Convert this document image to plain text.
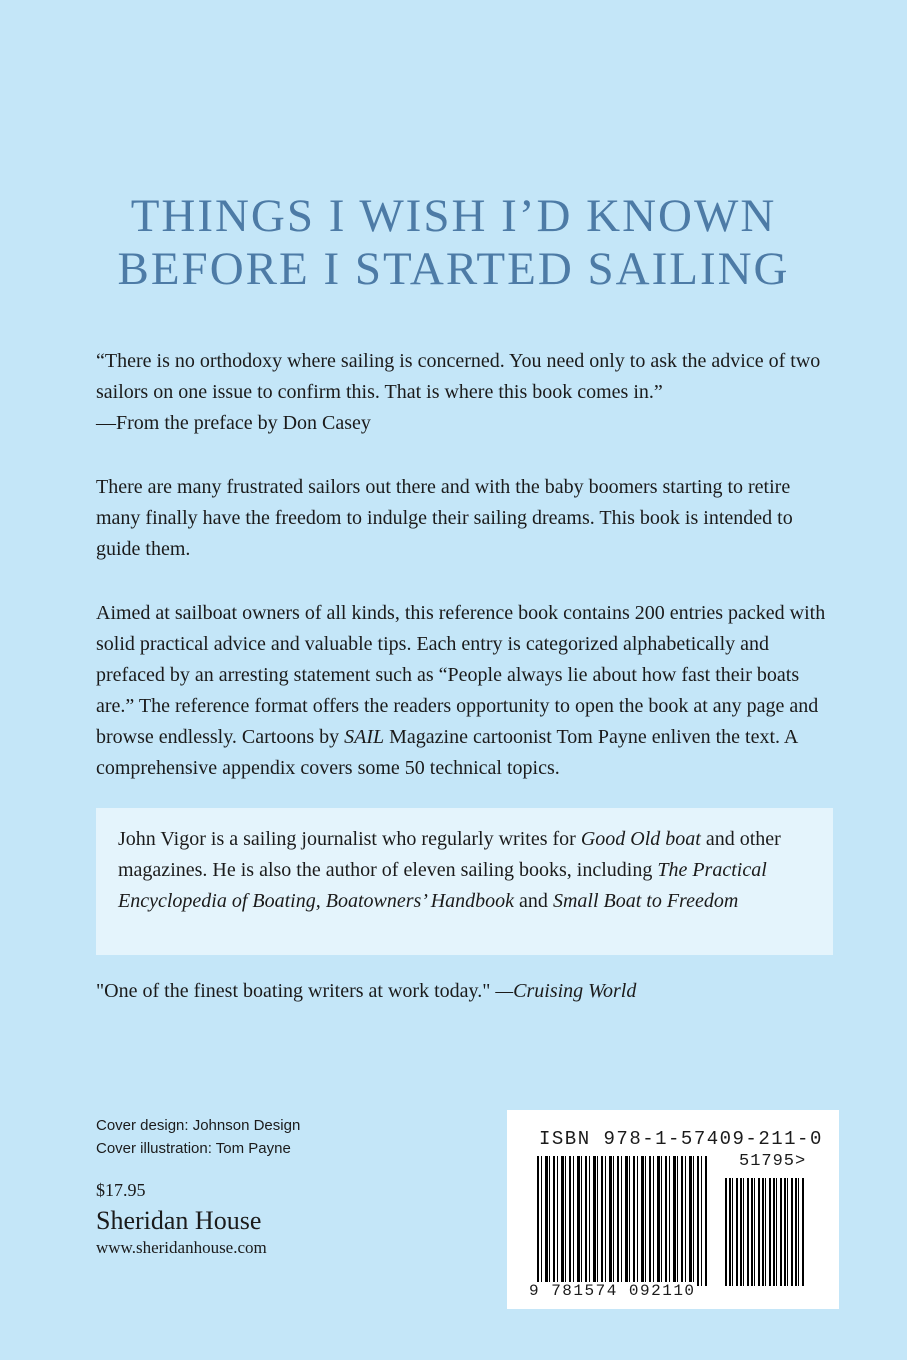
THINGS I WISH I’D KNOWN
BEFORE I STARTED SAILING

“There is no orthodoxy where sailing is concerned. You need only to ask the advice of two sailors on one issue to confirm this. That is where this book comes in.”
—From the preface by Don Casey

There are many frustrated sailors out there and with the baby boomers starting to retire many finally have the freedom to indulge their sailing dreams. This book is intended to guide them.

Aimed at sailboat owners of all kinds, this reference book contains 200 entries packed with solid practical advice and valuable tips. Each entry is categorized alphabetically and prefaced by an arresting statement such as “People always lie about how fast their boats are.” The reference format offers the readers opportunity to open the book at any page and browse endlessly. Cartoons by SAIL Magazine cartoonist Tom Payne enliven the text. A comprehensive appendix covers some 50 technical topics.

John Vigor is a sailing journalist who regularly writes for Good Old boat and other magazines. He is also the author of eleven sailing books, including The Practical Encyclopedia of Boating, Boatowners’ Handbook and Small Boat to Freedom

"One of the finest boating writers at work today." —Cruising World

Cover design: Johnson Design
Cover illustration: Tom Payne
$17.95
Sheridan House
www.sheridanhouse.com
ISBN 978-1-57409-211-0
51795>
9 781574 092110
